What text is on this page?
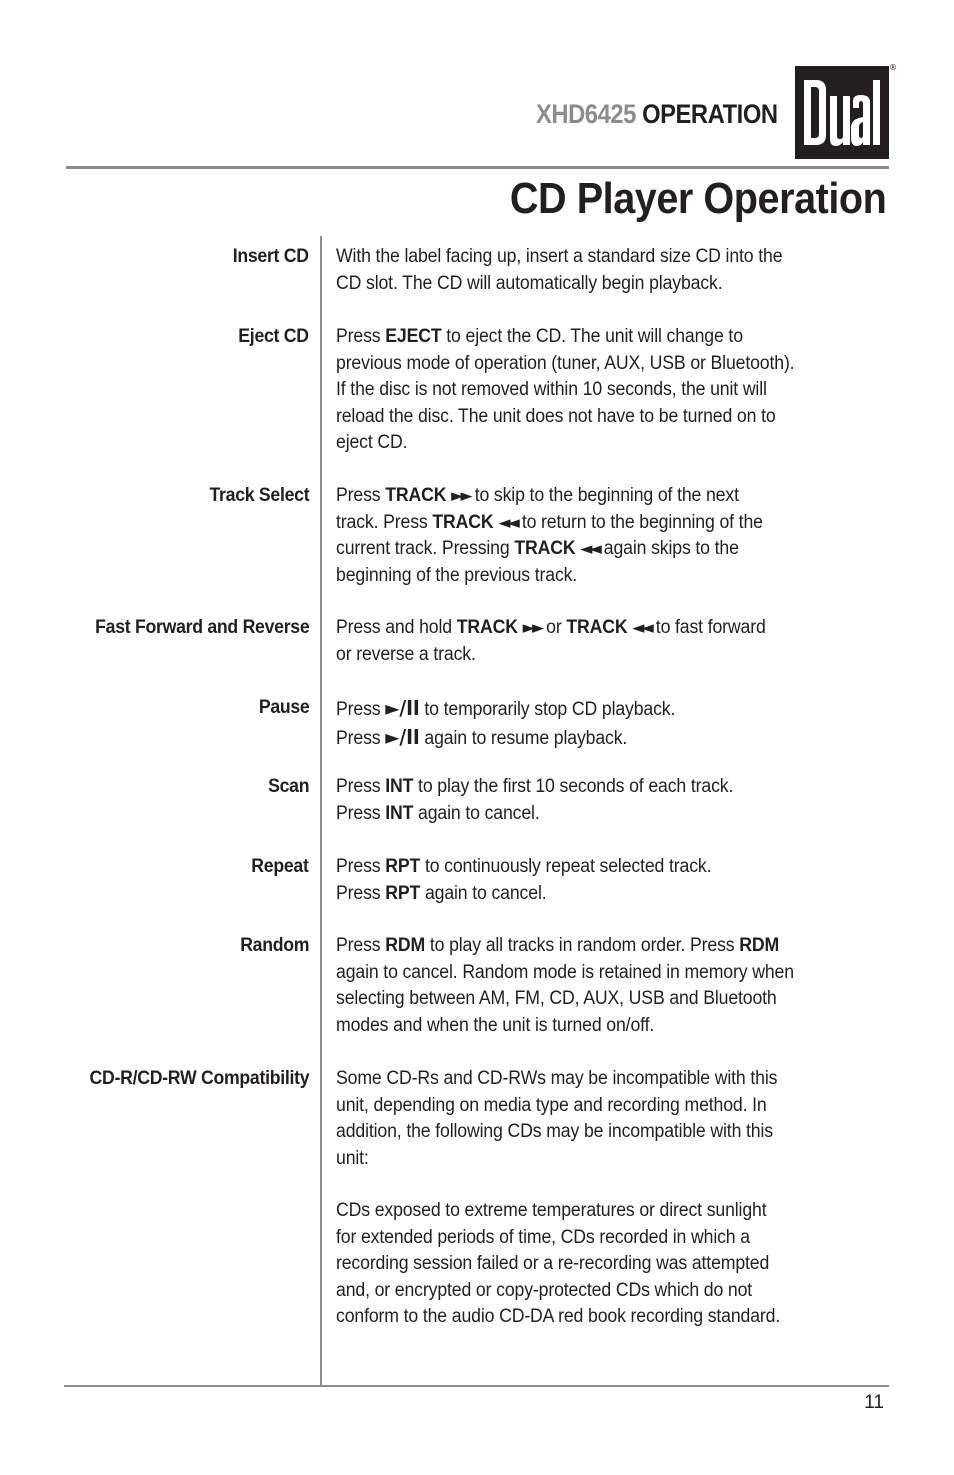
XHD6425 OPERATION
®
CD Player Operation
Insert CD With the label facing up, insert a standard size CD into the
CD slot. The CD will automatically begin playback.
Eject CD Press EJECT to eject the CD. The unit will change to
previous mode of operation (tuner, AUX, USB or Bluetooth).
If the disc is not removed within 10 seconds, the unit will
reload the disc. The unit does not have to be turned on to
eject CD.
Track Select Press TRACK ►► to skip to the beginning of the next
track. Press TRACK ◄◄ to return to the beginning of the
current track. Pressing TRACK ◄◄ again skips to the
beginning of the previous track.
Fast Forward and Reverse Press and hold TRACK ►► or TRACK ◄◄ to fast forward
or reverse a track.
Pause Press ►/II to temporarily stop CD playback.
Press ►/II again to resume playback.
Scan Press INT to play the first 10 seconds of each track.
Press INT again to cancel.
Repeat Press RPT to continuously repeat selected track.
Press RPT again to cancel.
Random Press RDM to play all tracks in random order. Press RDM
again to cancel. Random mode is retained in memory when
selecting between AM, FM, CD, AUX, USB and Bluetooth
modes and when the unit is turned on/off.
CD-R/CD-RW Compatibility Some CD-Rs and CD-RWs may be incompatible with this
unit, depending on media type and recording method. In
addition, the following CDs may be incompatible with this
unit:
CDs exposed to extreme temperatures or direct sunlight
for extended periods of time, CDs recorded in which a
recording session failed or a re-recording was attempted
and, or encrypted or copy-protected CDs which do not
conform to the audio CD-DA red book recording standard.
11
